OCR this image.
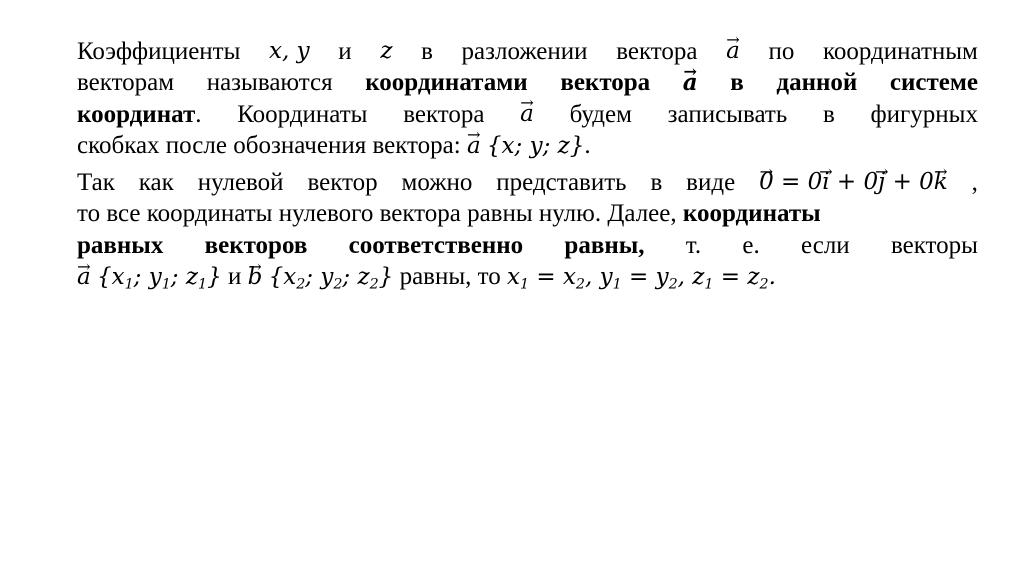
Коэффициенты x, y и z в разложении вектора a → по координатным
векторам называются координатами вектора a → в данной системе
координат. Координаты вектора a → будем записывать в фигурных
скобках после обозначения вектора: a → {x; y; z}.
Так как нулевой вектор можно представить в виде 0 → = 0i → + 0j → + 0k → ,
то все координаты нулевого вектора равны нулю. Далее, координаты
равных векторов соответственно равны, т. е. если векторы
$a \to \{x_1$; $y_1$; $z_1$} и $b \to \{x_2$; $y_2$; $z_2$} равны, то $x_1 = x_2$, $y_1 = y_2$, $z_1 = z_2$.
